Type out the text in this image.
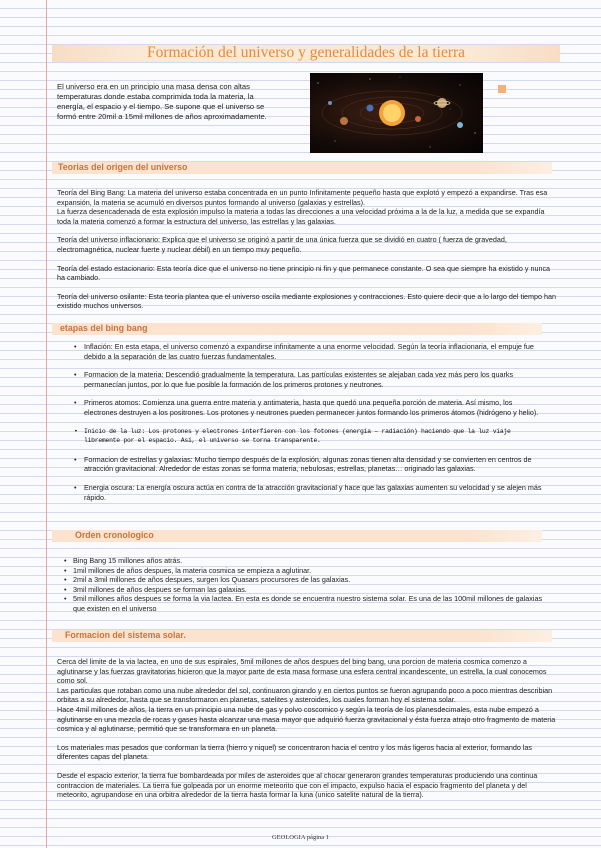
Formación del universo y generalidades de la tierra
El universo era en un principio una masa densa con altas temperaturas donde estaba comprimida toda la materia, la energía, el espacio y el tiempo. Se supone que el universo se formó entre 20mil a 15mil millones de años aproximadamente.
Teorias del origen del universo

Teoría del Bing Bang: La materia del universo estaba concentrada en un punto Infinitamente pequeño hasta que explotó y empezó a expandirse. Tras esa expansión, la materia se acumuló en diversos puntos formando al universo (galaxias y estrellas).

La fuerza desencadenada de esta explosión impulso la materia a todas las direcciones a una velocidad próxima a la de la luz, a medida que se expandía toda la materia comenzó a formar la estructura del universo, las estrellas y las galaxias.

Teoría del universo inflacionario: Explica que el universo se originó a partir de una única fuerza que se dividió en cuatro ( fuerza de gravedad, electromagnética, nuclear fuerte y nuclear débil) en un tiempo muy pequeño.

Teoría del estado estacionario: Esta teoría dice que el universo no tiene principio ni fin y que permanece constante. O sea que siempre ha existido y nunca ha cambiado.

Teoría del universo osilante: Esta teoría plantea que el universo oscila mediante explosiones y contracciones. Esto quiere decir que a lo largo del tiempo han existido muchos universos.

etapas del bing bang
• Inflación: En esta etapa, el universo comenzó a expandirse infinitamente a una enorme velocidad. Según la teoría inflacionaria, el empuje fue debido a la separación de las cuatro fuerzas fundamentales.
• Formacion de la materia: Descendió gradualmente la temperatura. Las partículas existentes se alejaban cada vez más pero los quarks permanecían juntos, por lo que fue posible la formación de los primeros protones y neutrones.
• Primeros atomos: Comienza una guerra entre materia y antimateria, hasta que quedó una pequeña porción de materia. Así mismo, los electrones destruyen a los positrones. Los protones y neutrones pueden permanecer juntos formando los primeros átomos (hidrógeno y helio).
• Inicio de la luz: Los protones y electrones interfieren con los fotones (energía – radiación) haciendo que la luz viaje libremente por el espacio. Así, el universo se torna transparente.
• Formacion de estrellas y galaxias: Mucho tiempo después de la explosión, algunas zonas tienen alta densidad y se convierten en centros de atracción gravitacional. Alrededor de estas zonas se forma materia, nebulosas, estrellas, planetas… originado las galaxias.
• Energia oscura: La energía oscura actúa en contra de la atracción gravitacional y hace que las galaxias aumenten su velocidad y se alejen más rápido.
Orden cronologico
• Bing Bang 15 millones años atrás.
• 1mil millones de años despues, la materia cosmica se empieza a aglutinar.
• 2mil a 3mil millones de años despues, surgen los Quasars procursores de las galaxias.
• 3mil millones de años despues se forman las galaxias.
• 5mil millones años despues se forma la via lactea. En esta es donde se encuentra nuestro sistema solar. Es una de las 100mil millones de galaxias que existen en el universo
Formacion del sistema solar.

Cerca del limite de la via lactea, en uno de sus espirales, 5mil millones de años despues del bing bang, una porcion de materia cosmica comenzo a aglutinarse y las fuerzas gravitatorias hicieron que la mayor parte de esta masa formase una esfera central incandescente, un estrella, la cual conocemos como sol.

Las particulas que rotaban como una nube alrededor del sol, continuaron girando y en ciertos puntos se fueron agrupando poco a poco mientras describian orbitas a su alrededor, hasta que se transformaron en planetas, satelites y asteroides, los cuales forman hoy el sistema solar.

Hace 4mil millones de años, la tierra en un principio una nube de gas y polvo coscomico y según la teoría de los planesdecimales, esta nube empezó a aglutinarse en una mezcla de rocas y gases hasta alcanzar una masa mayor que adquirió fuerza gravitacional y ésta fuerza atrajo otro fragmento de materia cosmica y al aglutinarse, permitió que se transformara en un planeta.

Los materiales mas pesados que conforman la tierra (hierro y niquel) se concentraron hacia el centro y los más ligeros hacia al exterior, formando las diferentes capas del planeta.

Desde el espacio exterior, la tierra fue bombardeada por miles de asteroides que al chocar generaron grandes temperaturas produciendo una continua contraccion de materiales. La tierra fue golpeada por un enorme meteorito que con el impacto, expulso hacia el espacio fragmento del planeta y del meteorito, agrupandose en una orbitra alrededor de la tierra hasta formar la luna (unico satelite natural de la tierra).

GEOLOGIA página 1
